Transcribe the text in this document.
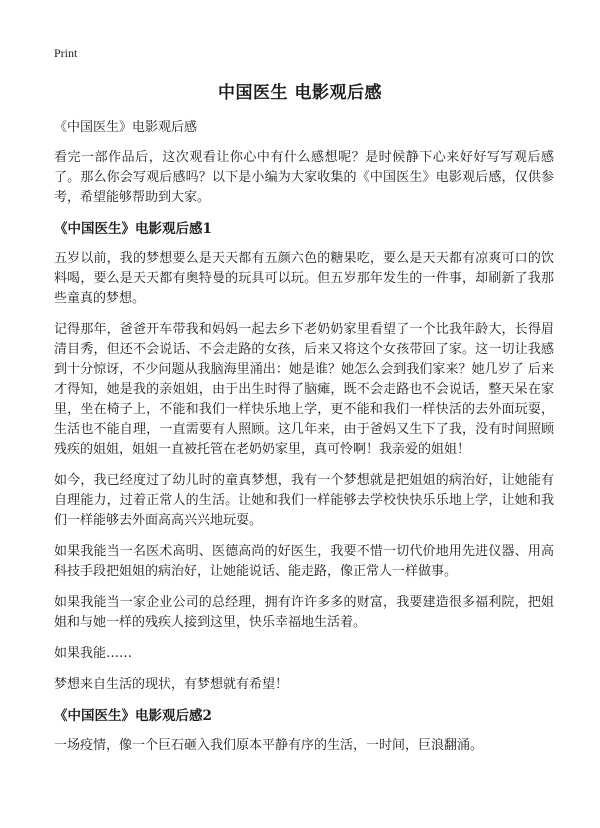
Print
中国医生 电影观后感
《中国医生》电影观后感

看完一部作品后，这次观看让你心中有什么感想呢？是时候静下心来好好写写观后感了。那么你会写观后感吗？以下是小编为大家收集的《中国医生》电影观后感，仅供参考，希望能够帮助到大家。

《中国医生》电影观后感1

五岁以前，我的梦想要么是天天都有五颜六色的糖果吃，要么是天天都有凉爽可口的饮料喝，要么是天天都有奥特曼的玩具可以玩。但五岁那年发生的一件事，却刷新了我那些童真的梦想。

记得那年，爸爸开车带我和妈妈一起去乡下老奶奶家里看望了一个比我年龄大，长得眉清目秀，但还不会说话、不会走路的女孩，后来又将这个女孩带回了家。这一切让我感到十分惊讶，不少问题从我脑海里涌出：她是谁？她怎么会到我们家来？她几岁了 后来才得知，她是我的亲姐姐，由于出生时得了脑瘫，既不会走路也不会说话，整天呆在家里，坐在椅子上，不能和我们一样快乐地上学，更不能和我们一样快活的去外面玩耍，生活也不能自理，一直需要有人照顾。这几年来，由于爸妈又生下了我，没有时间照顾残疾的姐姐，姐姐一直被托管在老奶奶家里，真可怜啊！我亲爱的姐姐！

如今，我已经度过了幼儿时的童真梦想，我有一个梦想就是把姐姐的病治好，让她能有自理能力，过着正常人的生活。让她和我们一样能够去学校快快乐乐地上学，让她和我们一样能够去外面高高兴兴地玩耍。

如果我能当一名医术高明、医德高尚的好医生，我要不惜一切代价地用先进仪器、用高科技手段把姐姐的病治好，让她能说话、能走路，像正常人一样做事。

如果我能当一家企业公司的总经理，拥有许许多多的财富，我要建造很多福利院，把姐姐和与她一样的残疾人接到这里，快乐幸福地生活着。

如果我能……

梦想来自生活的现状，有梦想就有希望！

《中国医生》电影观后感2

一场疫情，像一个巨石砸入我们原本平静有序的生活，一时间，巨浪翻涌。
